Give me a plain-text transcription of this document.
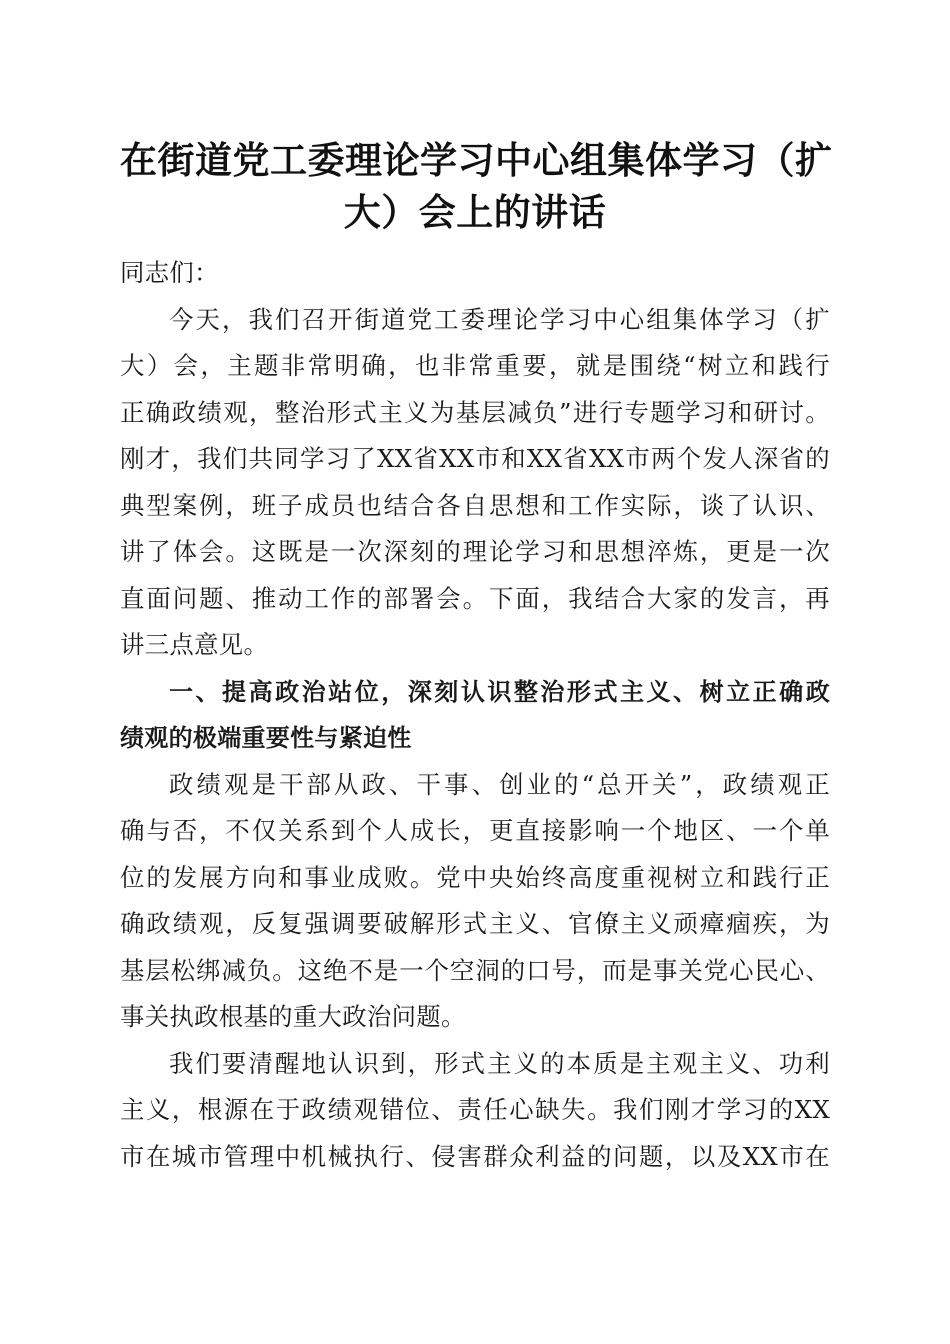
在街道党工委理论学习中心组集体学习（扩
大）会上的讲话
同志们：
今天，我们召开街道党工委理论学习中心组集体学习（扩
大）会，主题非常明确，也非常重要，就是围绕“树立和践行
正确政绩观，整治形式主义为基层减负”进行专题学习和研讨。
刚才，我们共同学习了XX省XX市和XX省XX市两个发人深省的
典型案例，班子成员也结合各自思想和工作实际，谈了认识、
讲了体会。这既是一次深刻的理论学习和思想淬炼，更是一次
直面问题、推动工作的部署会。下面，我结合大家的发言，再
讲三点意见。
一、提高政治站位，深刻认识整治形式主义、树立正确政
绩观的极端重要性与紧迫性
政绩观是干部从政、干事、创业的“总开关”，政绩观正
确与否，不仅关系到个人成长，更直接影响一个地区、一个单
位的发展方向和事业成败。党中央始终高度重视树立和践行正
确政绩观，反复强调要破解形式主义、官僚主义顽瘴痼疾，为
基层松绑减负。这绝不是一个空洞的口号，而是事关党心民心、
事关执政根基的重大政治问题。
我们要清醒地认识到，形式主义的本质是主观主义、功利
主义，根源在于政绩观错位、责任心缺失。我们刚才学习的XX
市在城市管理中机械执行、侵害群众利益的问题，以及XX市在
